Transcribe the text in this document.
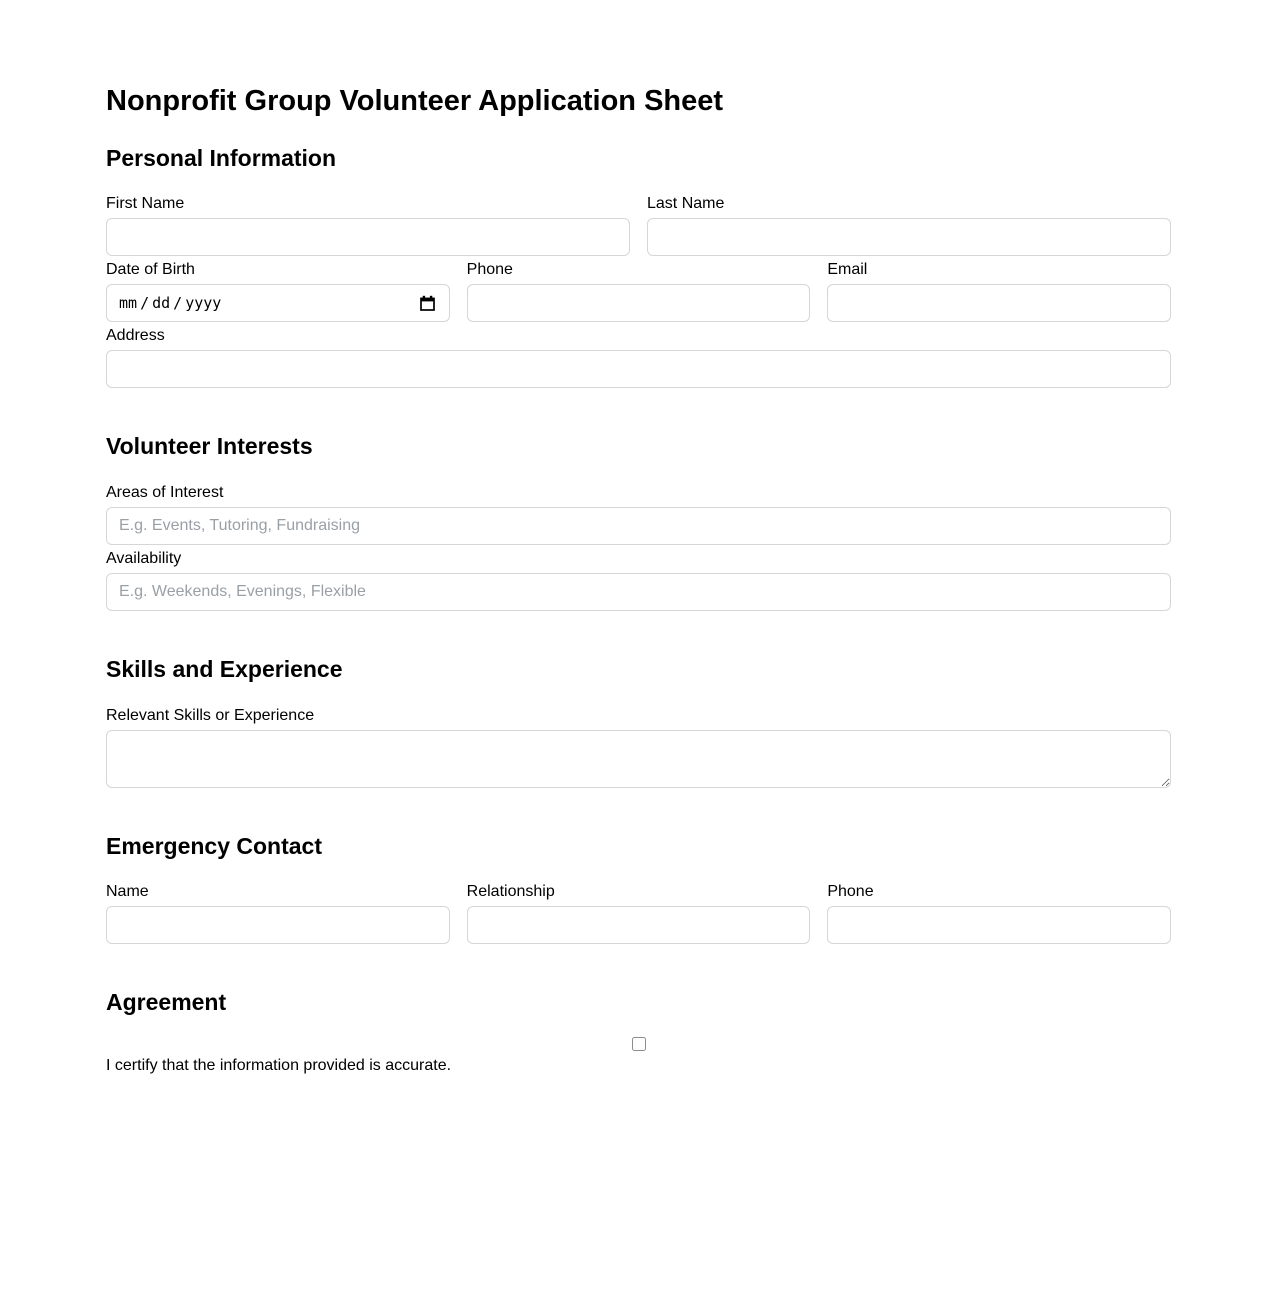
Nonprofit Group Volunteer Application Sheet
Personal Information
First Name	Last Name
Date of Birth
mm / dd / yyyy
Phone	Email
Address
Volunteer Interests
Areas of Interest
E.g. Events, Tutoring, Fundraising
Availability
E.g. Weekends, Evenings, Flexible
Skills and Experience
Relevant Skills or Experience
Emergency Contact
Name	Relationship	Phone
Agreement
I certify that the information provided is accurate.
